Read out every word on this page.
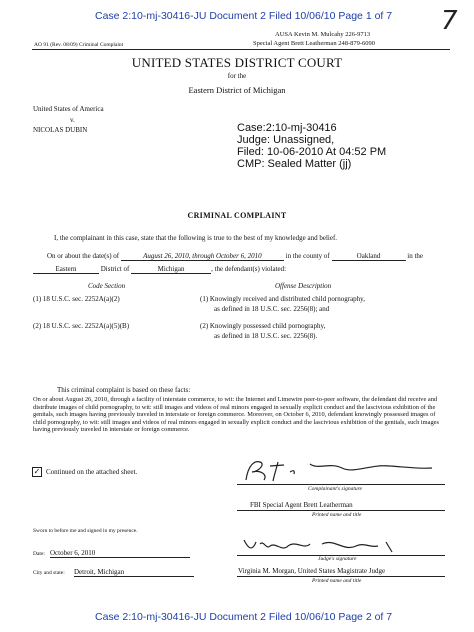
Case 2:10-mj-30416-JU Document 2 Filed 10/06/10 Page 1 of 7 7
AUSA Kevin M. Mulcahy 226-9713
Special Agent Brett Leatherman 248-879-6090
AO 91 (Rev. 08/09) Criminal Complaint
UNITED STATES DISTRICT COURT
for the
Eastern District of Michigan
United States of America
v.
NICOLAS DUBIN	Case:2:10-mj-30416
Judge: Unassigned,
Filed: 10-06-2010 At 04:52 PM
CMP: Sealed Matter (jj)
CRIMINAL COMPLAINT
I, the complainant in this case, state that the following is true to the best of my knowledge and belief.
On or about the date(s) of	August 26, 2010, through October 6, 2010	in the county of	Oakland	in the
Eastern	District of	Michigan	, the defendant(s) violated:
Code Section	Offense Description
(1) 18 U.S.C. sec. 2252A(a)(2)	(1) Knowingly received and distributed child pornography,
as defined in 18 U.S.C. sec. 2256(8); and
(2) 18 U.S.C. sec. 2252A(a)(5)(B)	(2) Knowingly possessed child pornography,
as defined in 18 U.S.C. sec. 2256(8).
This criminal complaint is based on these facts:
On or about August 26, 2010, through a facility of interstate commerce, to wit: the Internet and Limewire peer-to-peer software, the defendant did receive and distribute images of child pornography, to wit: still images and videos of real minors engaged in sexually explicit conduct and the lascivious exhibition of the genitals, such images having previously traveled in interstate or foreign commerce. Moreover, on October 6, 2010, defendant knowingly possessed images of child pornography, to wit: still images and videos of real minors engaged in sexually explicit conduct and the lascivious exhibition of the genitals, such images having previously traveled in interstate or foreign commerce.
✓ Continued on the attached sheet.
Complainant's signature
FBI Special Agent Brett Leatherman
Printed name and title
Sworn to before me and signed in my presence.
Date: October 6, 2010
Judge's signature
City and state: Detroit, Michigan	Virginia M. Morgan, United States Magistrate Judge
Printed name and title
Case 2:10-mj-30416-JU Document 2 Filed 10/06/10 Page 2 of 7
